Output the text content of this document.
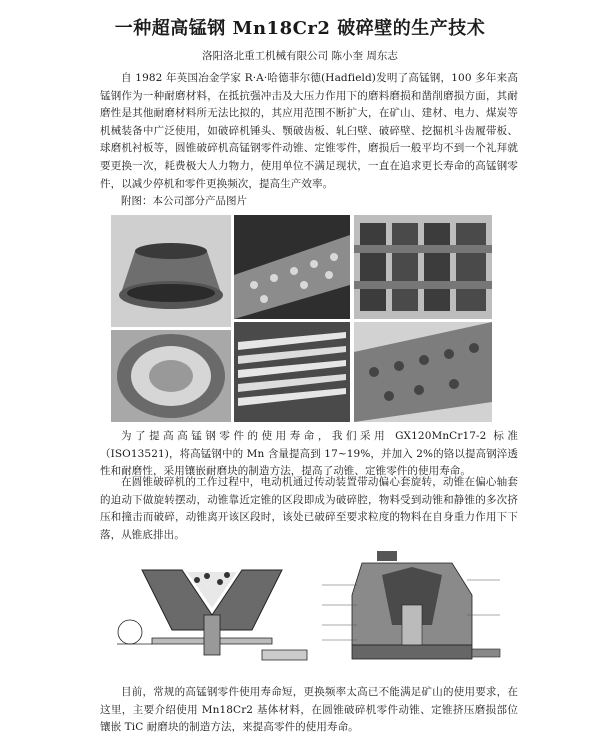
一种超高锰钢 Mn18Cr2 破碎壁的生产技术
洛阳洛北重工机械有限公司 陈小奎 周东志

自 1982 年英国冶金学家 R·A·哈德菲尔德(Hadfield)发明了高锰钢，100 多年来高锰钢作为一种耐磨材料，在抵抗强冲击及大压力作用下的磨料磨损和凿削磨损方面，其耐磨性是其他耐磨材料所无法比拟的，其应用范围不断扩大，在矿山、建材、电力、煤炭等机械装备中广泛使用，如破碎机锤头、颚破齿板、轧臼壁、破碎壁、挖掘机斗齿履带板、球磨机衬板等，圆锥破碎机高锰钢零件动锥、定锥零件，磨损后一般平均不到一个礼拜就要更换一次，耗费极大人力物力，使用单位不满足现状，一直在追求更长寿命的高锰钢零件，以减少停机和零件更换频次，提高生产效率。

附图：本公司部分产品图片

为了提高高锰钢零件的使用寿命，我们采用 GX120MnCr17-2 标准（ISO13521)，将高锰钢中的 Mn 含量提高到 17~19%，并加入 2%的铬以提高钢淬透性和耐磨性，采用镶嵌耐磨块的制造方法，提高了动锥、定锥零件的使用寿命。

在圆锥破碎机的工作过程中，电动机通过传动装置带动偏心套旋转，动锥在偏心轴套的迫动下做旋转摆动，动锥靠近定锥的区段即成为破碎腔，物料受到动锥和静锥的多次挤压和撞击而破碎，动锥离开该区段时，该处已破碎至要求粒度的物料在自身重力作用下下落，从锥底排出。

目前，常规的高锰钢零件使用寿命短，更换频率太高已不能满足矿山的使用要求，在这里，主要介绍使用 Mn18Cr2 基体材料，在圆锥破碎机零件动锥、定锥挤压磨损部位镶嵌 TiC 耐磨块的制造方法，来提高零件的使用寿命。
